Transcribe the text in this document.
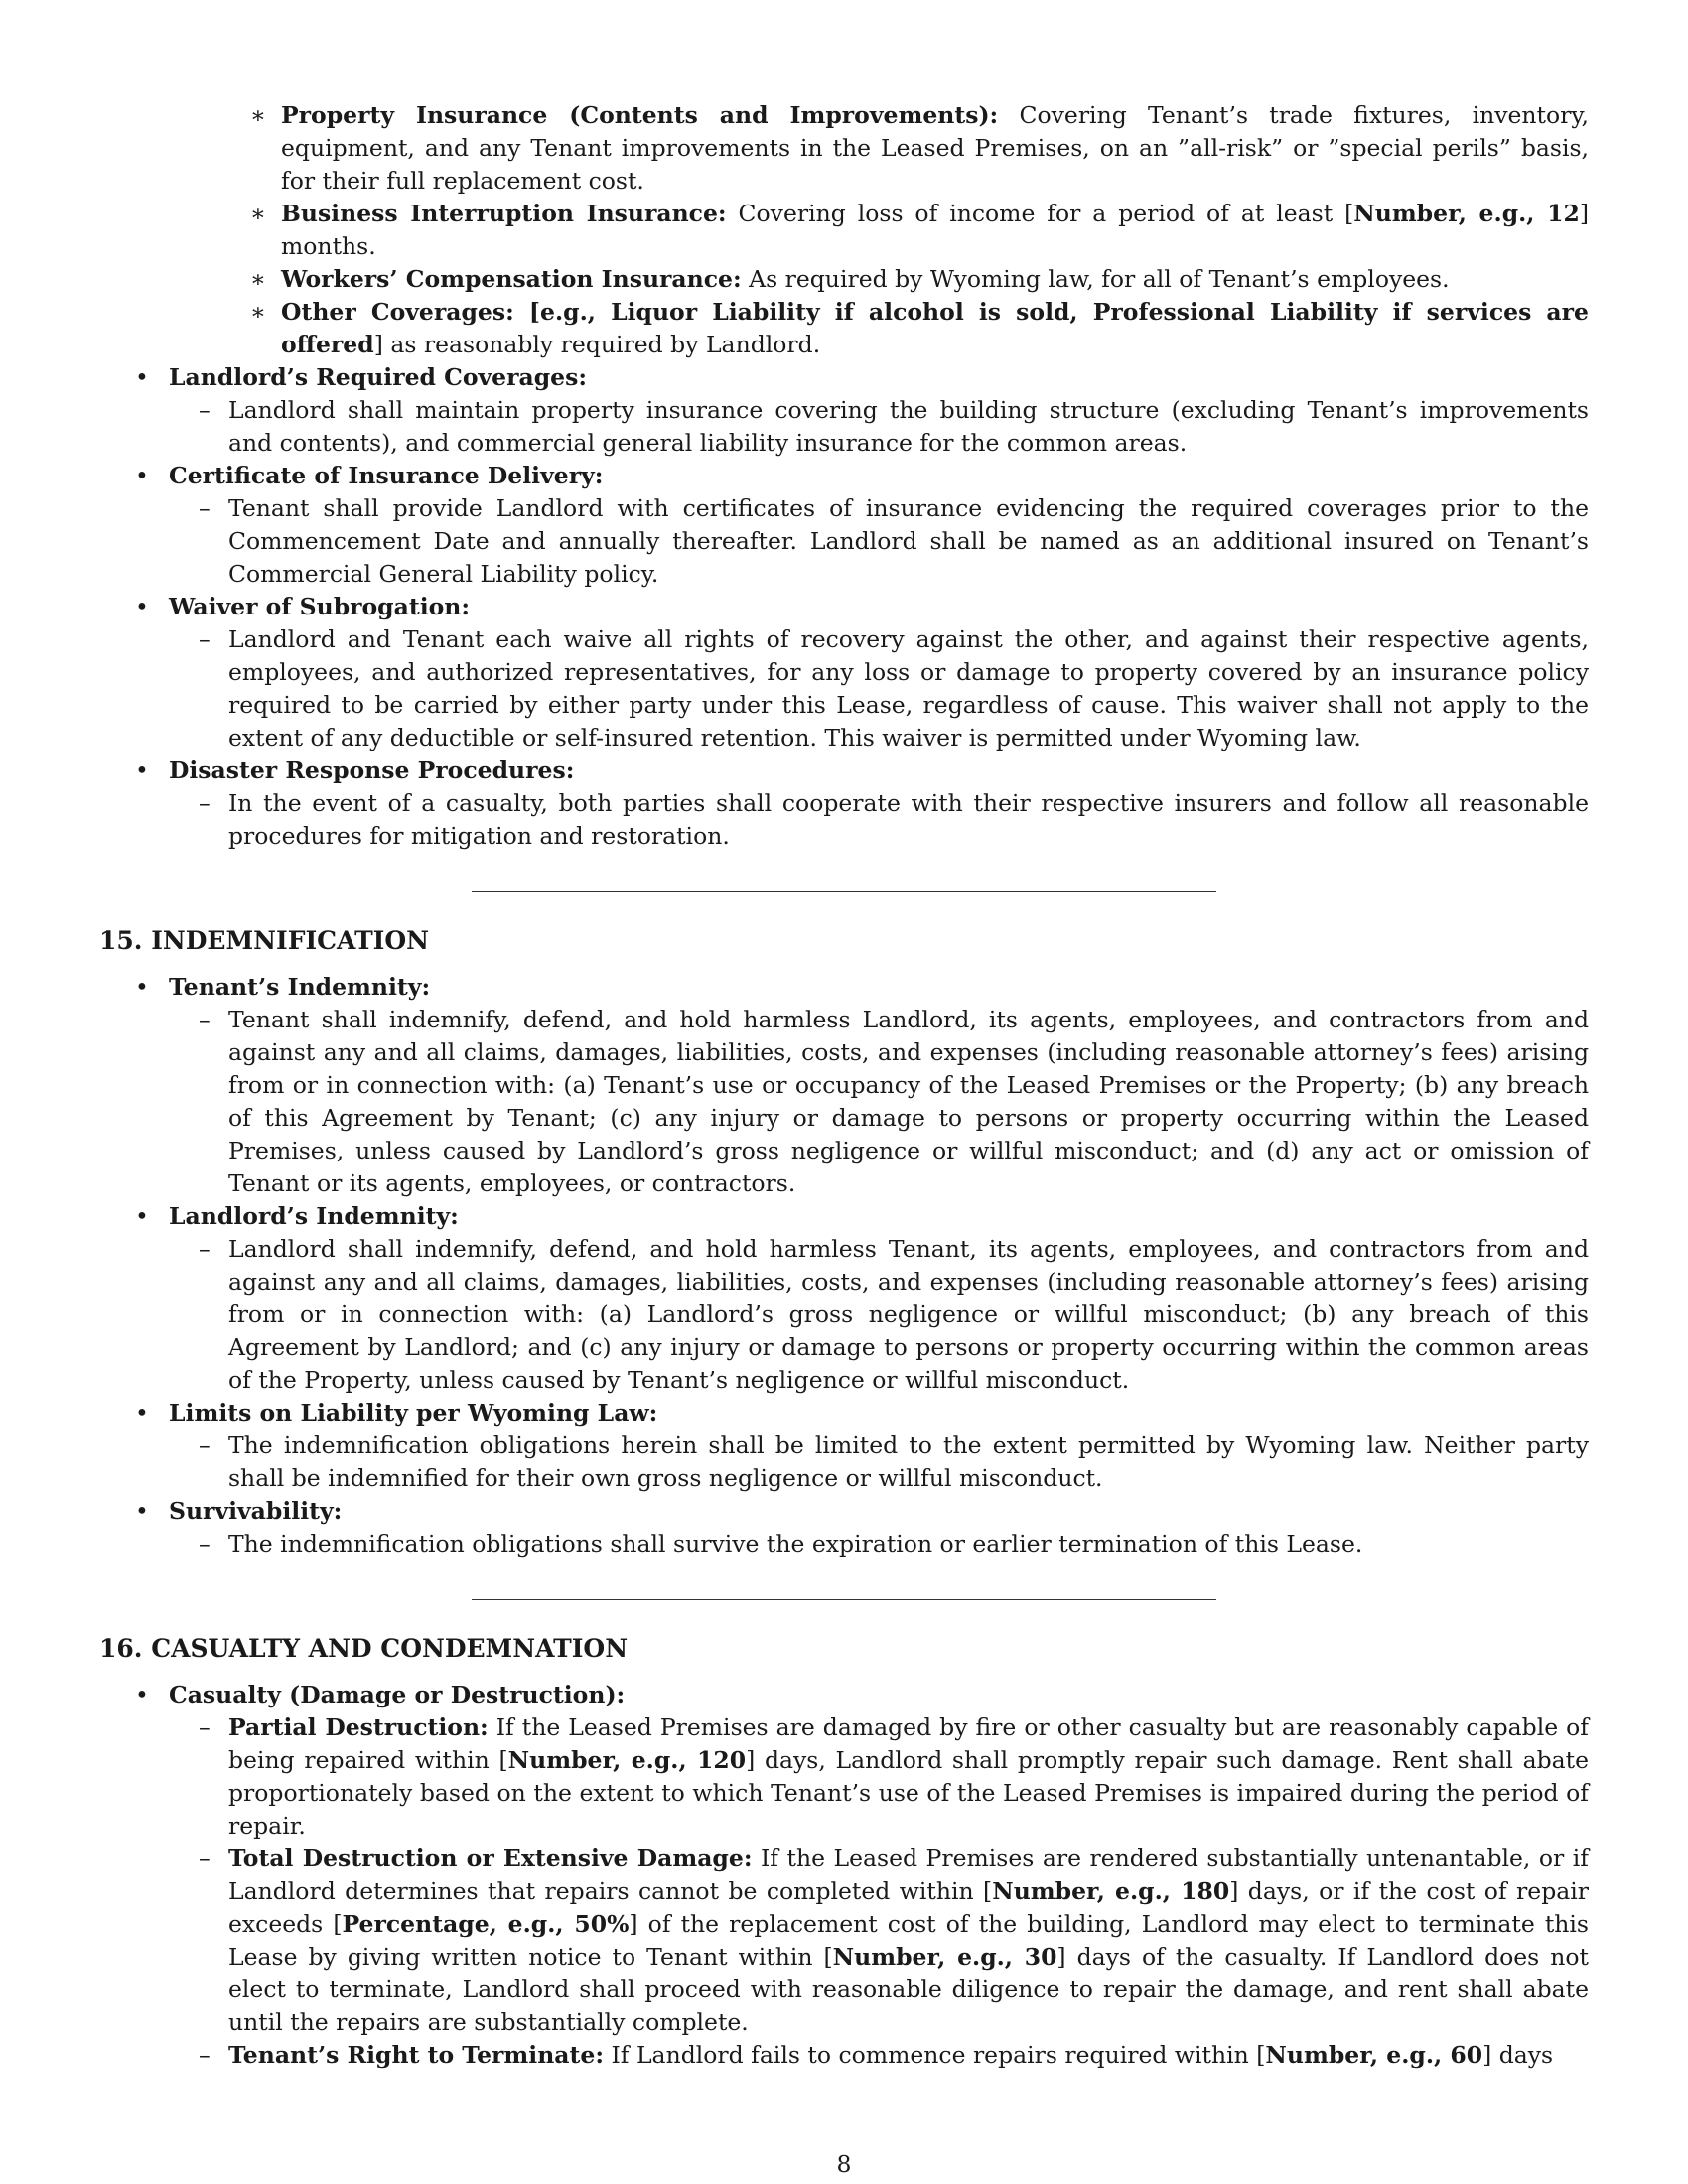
∗ Property Insurance (Contents and Improvements): Covering Tenant’s trade fixtures, inventory, equipment, and any Tenant improvements in the Leased Premises, on an ”all-risk” or ”special perils” basis, for their full replacement cost.
∗ Business Interruption Insurance: Covering loss of income for a period of at least [Number, e.g., 12] months.
∗ Workers’ Compensation Insurance: As required by Wyoming law, for all of Tenant’s employees.
∗ Other Coverages: [e.g., Liquor Liability if alcohol is sold, Professional Liability if services are offered] as reasonably required by Landlord.
• Landlord’s Required Coverages:
– Landlord shall maintain property insurance covering the building structure (excluding Tenant’s improvements and contents), and commercial general liability insurance for the common areas.
• Certificate of Insurance Delivery:
– Tenant shall provide Landlord with certificates of insurance evidencing the required coverages prior to the Commencement Date and annually thereafter. Landlord shall be named as an additional insured on Tenant’s Commercial General Liability policy.
• Waiver of Subrogation:
– Landlord and Tenant each waive all rights of recovery against the other, and against their respective agents, employees, and authorized representatives, for any loss or damage to property covered by an insurance policy required to be carried by either party under this Lease, regardless of cause. This waiver shall not apply to the extent of any deductible or self-insured retention. This waiver is permitted under Wyoming law.
• Disaster Response Procedures:
– In the event of a casualty, both parties shall cooperate with their respective insurers and follow all reasonable procedures for mitigation and restoration.
15. INDEMNIFICATION
• Tenant’s Indemnity:
– Tenant shall indemnify, defend, and hold harmless Landlord, its agents, employees, and contractors from and against any and all claims, damages, liabilities, costs, and expenses (including reasonable attorney’s fees) arising from or in connection with: (a) Tenant’s use or occupancy of the Leased Premises or the Property; (b) any breach of this Agreement by Tenant; (c) any injury or damage to persons or property occurring within the Leased Premises, unless caused by Landlord’s gross negligence or willful misconduct; and (d) any act or omission of Tenant or its agents, employees, or contractors.
• Landlord’s Indemnity:
– Landlord shall indemnify, defend, and hold harmless Tenant, its agents, employees, and contractors from and against any and all claims, damages, liabilities, costs, and expenses (including reasonable attorney’s fees) arising from or in connection with: (a) Landlord’s gross negligence or willful misconduct; (b) any breach of this Agreement by Landlord; and (c) any injury or damage to persons or property occurring within the common areas of the Property, unless caused by Tenant’s negligence or willful misconduct.
• Limits on Liability per Wyoming Law:
– The indemnification obligations herein shall be limited to the extent permitted by Wyoming law. Neither party shall be indemnified for their own gross negligence or willful misconduct.
• Survivability:
– The indemnification obligations shall survive the expiration or earlier termination of this Lease.
16. CASUALTY AND CONDEMNATION
• Casualty (Damage or Destruction):
– Partial Destruction: If the Leased Premises are damaged by fire or other casualty but are reasonably capable of being repaired within [Number, e.g., 120] days, Landlord shall promptly repair such damage. Rent shall abate proportionately based on the extent to which Tenant’s use of the Leased Premises is impaired during the period of repair.
– Total Destruction or Extensive Damage: If the Leased Premises are rendered substantially untenantable, or if Landlord determines that repairs cannot be completed within [Number, e.g., 180] days, or if the cost of repair exceeds [Percentage, e.g., 50%] of the replacement cost of the building, Landlord may elect to terminate this Lease by giving written notice to Tenant within [Number, e.g., 30] days of the casualty. If Landlord does not elect to terminate, Landlord shall proceed with reasonable diligence to repair the damage, and rent shall abate until the repairs are substantially complete.
– Tenant’s Right to Terminate: If Landlord fails to commence repairs required within [Number, e.g., 60] days
8
